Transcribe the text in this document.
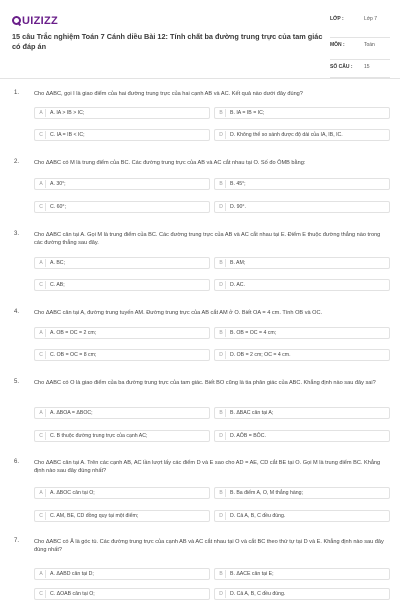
UIZIZZ
15 câu Trắc nghiệm Toán 7 Cánh diều Bài 12: Tính chất ba đường trung trực của tam giác có đáp án
LỚP :	Lớp 7
MÔN :	Toán
SỐ CÂU : 15
1.	Cho ΔABC, gọi I là giao điểm của hai đường trung trực của hai cạnh AB và AC. Kết quả nào dưới đây đúng?
A	A. IA > IB > IC;	B	B. IA = IB = IC;
C	C. IA = IB < IC;	D	D. Không thể so sánh được độ dài của IA, IB, IC.
2.	Cho ΔABC có M là trung điểm của BC. Các đường trung trực của AB và AC cắt nhau tại O. Số đo ÔMB bằng:
A	A. 30°;	B	B. 45°;
C	C. 60°;	D	D. 90°.
3.	Cho ΔABC cân tại A. Gọi M là trung điểm của BC. Các đường trung trực của AB và AC cắt nhau tại E. Điểm E thuộc đường thẳng nào trong các đường thẳng sau đây.
A	A. BC;	B	B. AM;
C	C. AB;	D	D. AC.
4.	Cho ΔABC cân tại A, đường trung tuyến AM. Đường trung trực của AB cắt AM ở O. Biết OA = 4 cm. Tính OB và OC.
A	A. OB = OC = 2 cm;	B	B. OB = OC = 4 cm;
C	C. OB = OC = 8 cm;	D	D. OB = 2 cm; OC = 4 cm.
5.	Cho ΔABC có O là giao điểm của ba đường trung trực của tam giác. Biết BO cũng là tia phân giác của ABC. Khẳng định nào sau đây sai?
A	A. ΔBOA = ΔBOC;	B	B. ΔBAC cân tại A;
C	C. B thuộc đường trung trực của cạnh AC;	D	D. AÔB = BÔC.
6.	Cho ΔABC cân tại A. Trên các cạnh AB, AC lần lượt lấy các điểm D và E sao cho AD = AE, CD cắt BE tại O. Gọi M là trung điểm BC. Khẳng định nào sau đây đúng nhất?
A	A. ΔBOC cân tại O;	B	B. Ba điểm A, O, M thẳng hàng;
C	C. AM, BE, CD đồng quy tại một điểm;	D	D. Cả A, B, C đều đúng.
7.	Cho ΔABC có Â là góc tù. Các đường trung trực của cạnh AB và AC cắt nhau tại O và cắt BC theo thứ tự tại D và E. Khẳng định nào sau đây đúng nhất?
A	A. ΔABD cân tại D;	B	B. ΔACE cân tại E;
C	C. ΔOAB cân tại O;	D	D. Cả A, B, C đều đúng.
